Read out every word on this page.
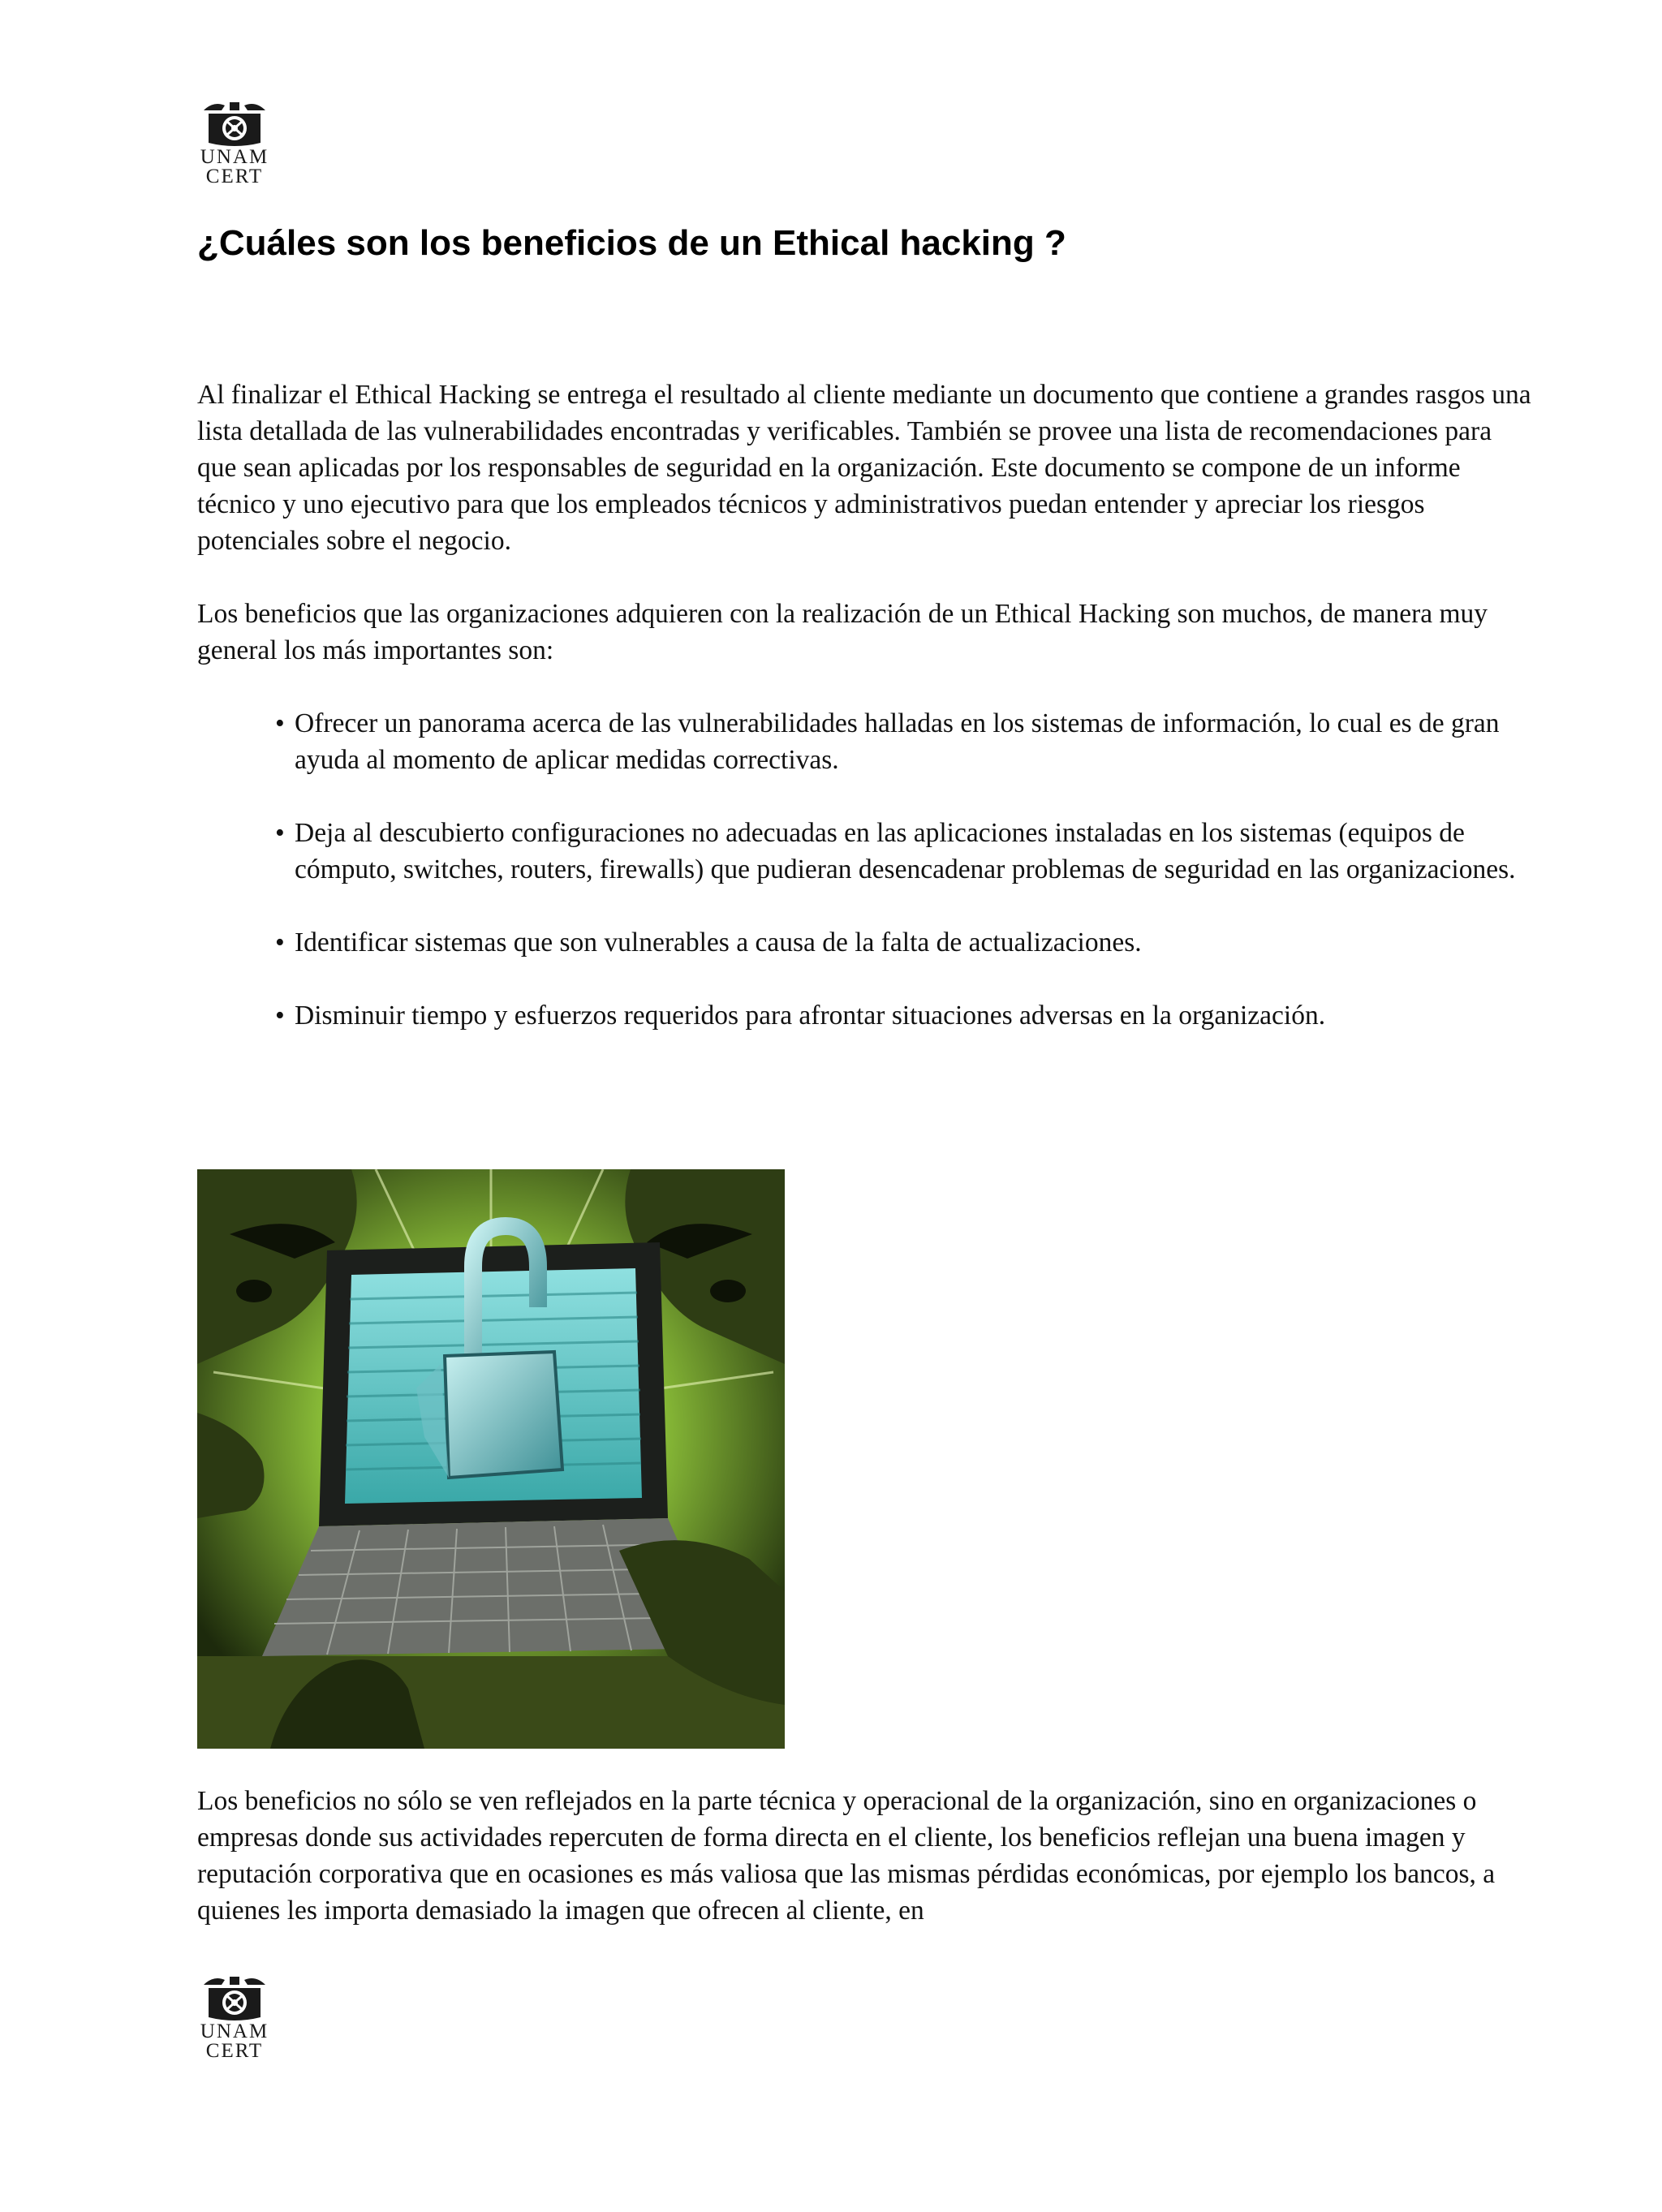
UNAM
CERT
¿Cuáles son los beneficios de un Ethical hacking ?

Al finalizar el Ethical Hacking se entrega el resultado al cliente mediante un documento que contiene a grandes rasgos una lista detallada de las vulnerabilidades encontradas y verificables. También se provee una lista de recomendaciones para que sean aplicadas por los responsables de seguridad en la organización. Este documento se compone de un informe técnico y uno ejecutivo para que los empleados técnicos y administrativos puedan entender y apreciar los riesgos potenciales sobre el negocio.

Los beneficios que las organizaciones adquieren con la realización de un Ethical Hacking son muchos, de manera muy general los más importantes son:

• Ofrecer un panorama acerca de las vulnerabilidades halladas en los sistemas de información, lo cual es de gran ayuda al momento de aplicar medidas correctivas.
• Deja al descubierto configuraciones no adecuadas en las aplicaciones instaladas en los sistemas (equipos de cómputo, switches, routers, firewalls) que pudieran desencadenar problemas de seguridad en las organizaciones.
• Identificar sistemas que son vulnerables a causa de la falta de actualizaciones.
• Disminuir tiempo y esfuerzos requeridos para afrontar situaciones adversas en la organización.

Los beneficios no sólo se ven reflejados en la parte técnica y operacional de la organización, sino en organizaciones o empresas donde sus actividades repercuten de forma directa en el cliente, los beneficios reflejan una buena imagen y reputación corporativa que en ocasiones es más valiosa que las mismas pérdidas económicas, por ejemplo los bancos, a quienes les importa demasiado la imagen que ofrecen al cliente, en

UNAM
CERT
